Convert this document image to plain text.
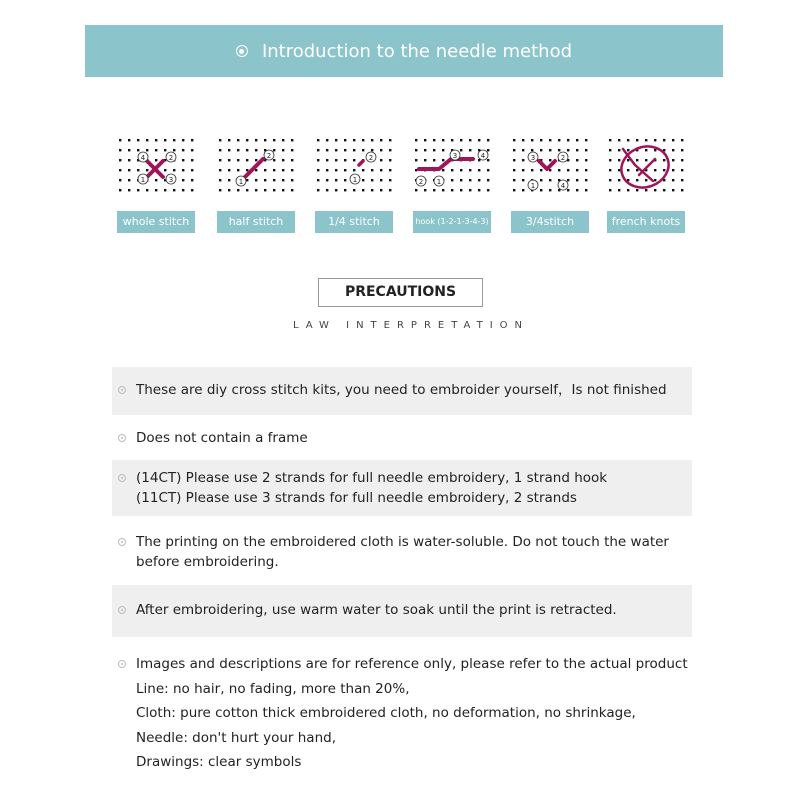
Introduction to the needle method
4	2
1	3
whole stitch
1
2
half stitch
1
2
1/4 stitch
2 1
3	4
hook (1-2-1-3-4-3)
3	2
1	4
3/4stitch	french knots
PRECAUTIONS
LAW INTERPRETATION
These are diy cross stitch kits, you need to embroider yourself，Is not finished
Does not contain a frame
(14CT) Please use 2 strands for full needle embroidery, 1 strand hook
(11CT) Please use 3 strands for full needle embroidery, 2 strands
The printing on the embroidered cloth is water-soluble. Do not touch the water
before embroidering.
After embroidering, use warm water to soak until the print is retracted.
Images and descriptions are for reference only, please refer to the actual product
Line: no hair, no fading, more than 20%,
Cloth: pure cotton thick embroidered cloth, no deformation, no shrinkage,
Needle: don't hurt your hand,
Drawings: clear symbols
